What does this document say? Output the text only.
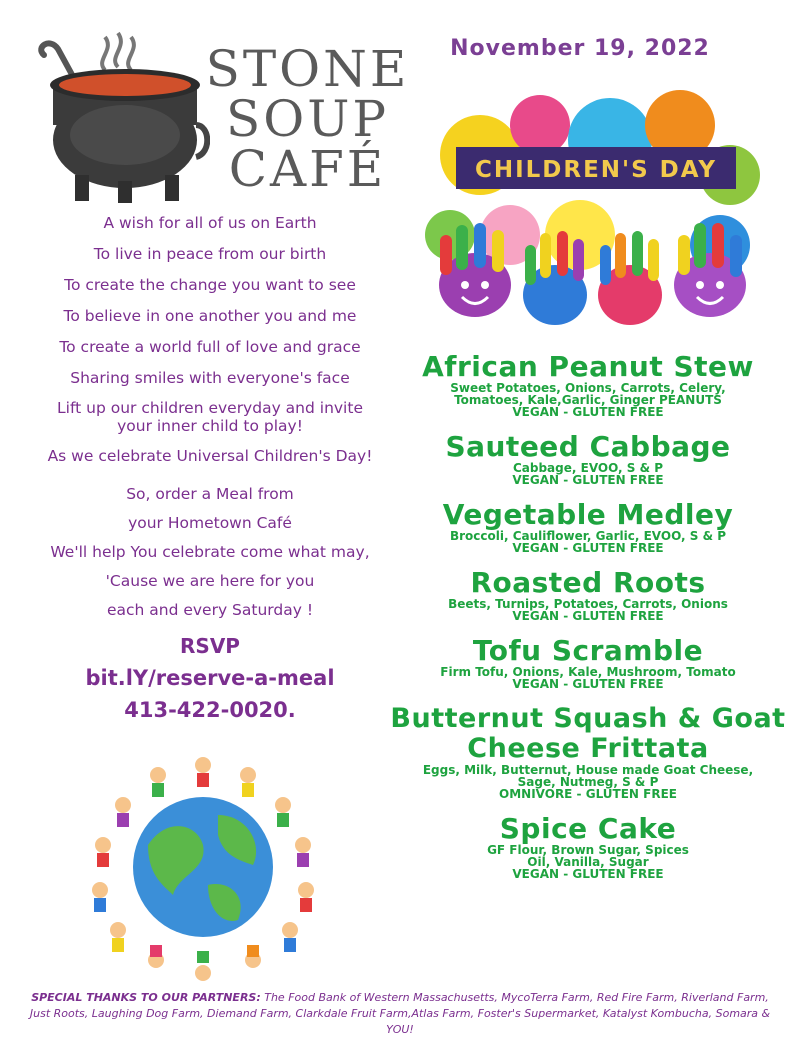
STONE
SOUP
CAFÉ
November 19, 2022
CHILDREN'S DAY
A wish for all of us on Earth
To live in peace from our birth
To create the change you want to see
To believe in one another you and me
To create a world full of love and grace
Sharing smiles with everyone's face
Lift up our children everyday and invite your inner child to play!
As we celebrate Universal Children's Day!
So, order a Meal from
your Hometown Café
We'll help You celebrate come what may,
'Cause we are here for you
each and every Saturday !
RSVP
bit.lY/reserve-a-meal
413-422-0020.
African Peanut Stew
Sweet Potatoes, Onions, Carrots, Celery,
Tomatoes, Kale,Garlic, Ginger PEANUTS
VEGAN - GLUTEN FREE
Sauteed Cabbage
Cabbage, EVOO, S & P
VEGAN - GLUTEN FREE
Vegetable Medley
Broccoli, Cauliflower, Garlic, EVOO, S & P
VEGAN - GLUTEN FREE
Roasted Roots
Beets, Turnips, Potatoes, Carrots, Onions
VEGAN - GLUTEN FREE
Tofu Scramble
Firm Tofu, Onions, Kale, Mushroom, Tomato
VEGAN - GLUTEN FREE
Butternut Squash & Goat Cheese Frittata
Eggs, Milk, Butternut, House made Goat Cheese,
Sage, Nutmeg, S & P
OMNIVORE - GLUTEN FREE
Spice Cake
GF Flour, Brown Sugar, Spices
Oil, Vanilla, Sugar
VEGAN - GLUTEN FREE
SPECIAL THANKS TO OUR PARTNERS: The Food Bank of Western Massachusetts, MycoTerra Farm, Red Fire Farm, Riverland Farm, Just Roots, Laughing Dog Farm, Diemand Farm, Clarkdale Fruit Farm,Atlas Farm, Foster's Supermarket, Katalyst Kombucha, Somara & YOU!
